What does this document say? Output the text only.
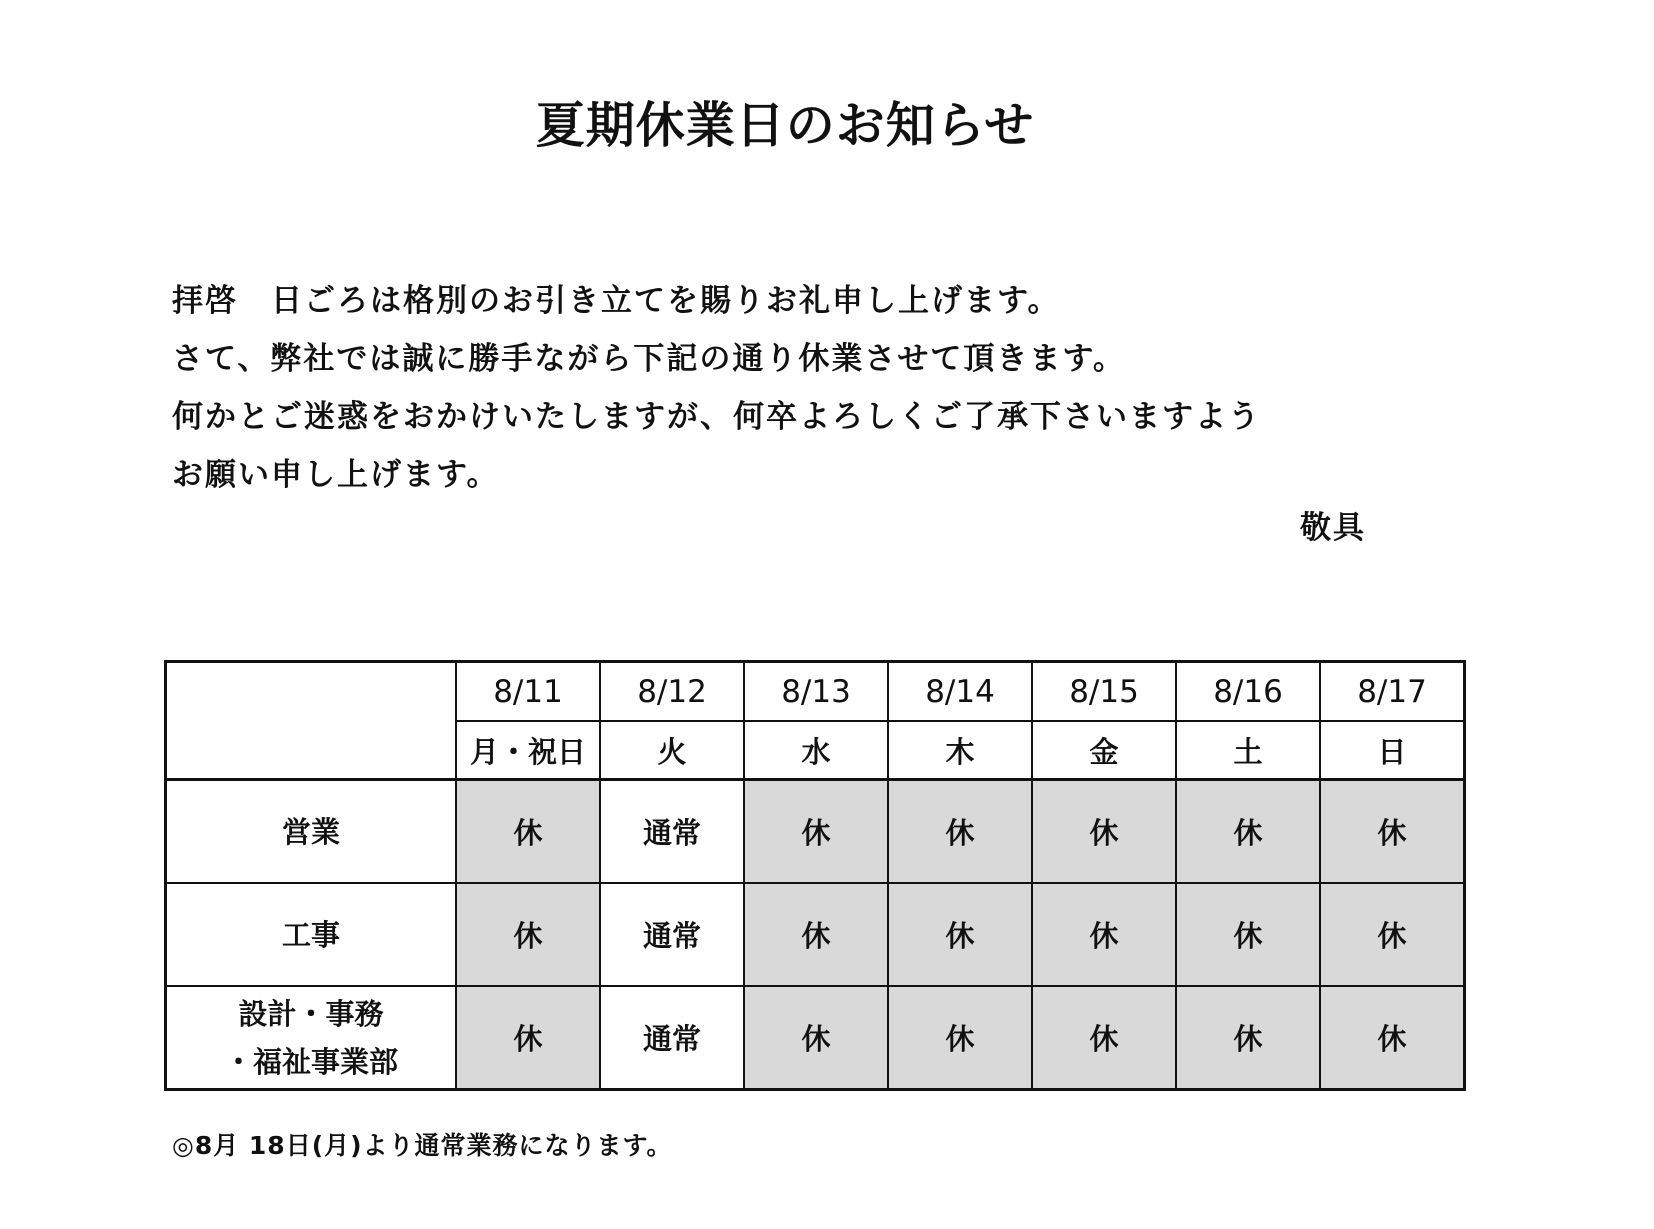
夏期休業日のお知らせ
拝啓　日ごろは格別のお引き立てを賜りお礼申し上げます。
さて、弊社では誠に勝手ながら下記の通り休業させて頂きます。
何かとご迷惑をおかけいたしますが、何卒よろしくご了承下さいますよう
お願い申し上げます。
敬具
	8/11	8/12	8/13	8/14	8/15	8/16	8/17
	月・祝日	火	水	木	金	土	日

営業	休	通常	休	休	休	休	休

工事	休	通常	休	休	休	休	休

設計・事務
・福祉事業部	休	通常	休	休	休	休	休
◎8月 18日(月)より通常業務になります。
